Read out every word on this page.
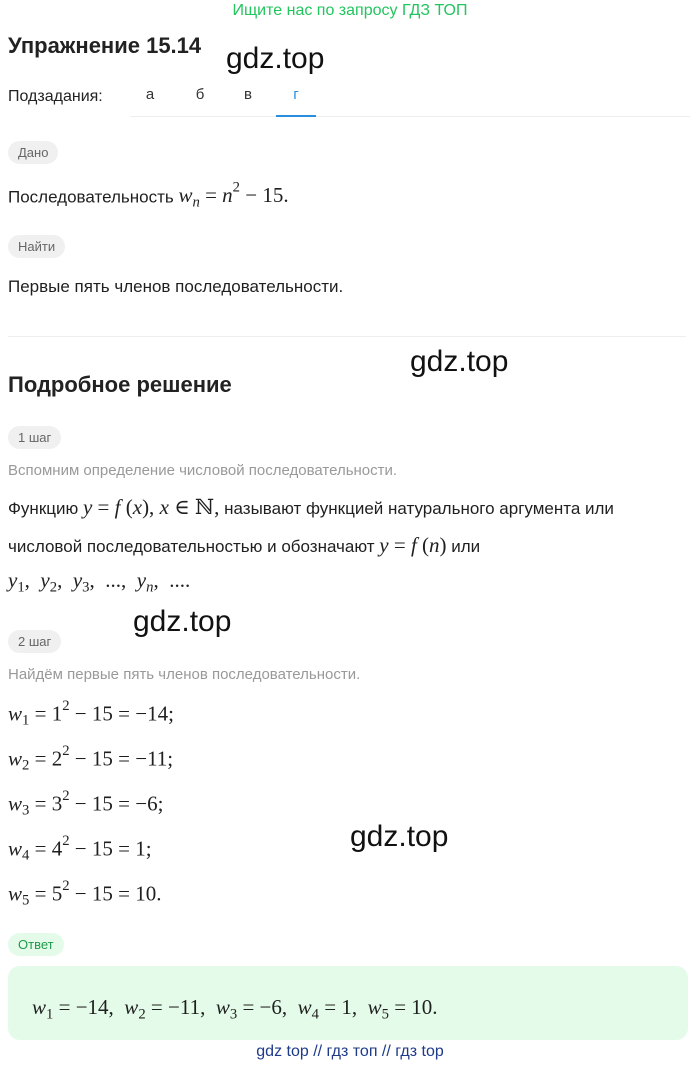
Ищите нас по запросу ГДЗ ТОП
Упражнение 15.14 gdz.top
Подзадания:	а	б	в	г
Дано
Последовательность $w_n = n^2 - 15$.
Найти
Первые пять членов последовательности.
gdz.top
Подробное решение
1 шаг
Вспомним определение числовой последовательности.
Функцию y = f (x), x ∈ ℕ, называют функцией натурального аргумента или
числовой последовательностью и обозначают y = f (n) или
$y_1$,  $y_2$,  $y_3$,  ...,  $y_n$,  ....
gdz.top
2 шаг
Найдём первые пять членов последовательности.
$w_1 = 1^2 - 15 = -14$;
$w_2 = 2^2 - 15 = -11$;
$w_3 = 3^2 - 15 = -6$;
$w_4 = 4^2 - 15 = 1$;
$w_5 = 5^2 - 15 = 10$.
gdz.top
Ответ
$w_1 = -14$,  $w_2 = -11$,  $w_3 = -6$,  $w_4 = 1$,  $w_5 = 10$.
gdz top // гдз топ // гдз top
